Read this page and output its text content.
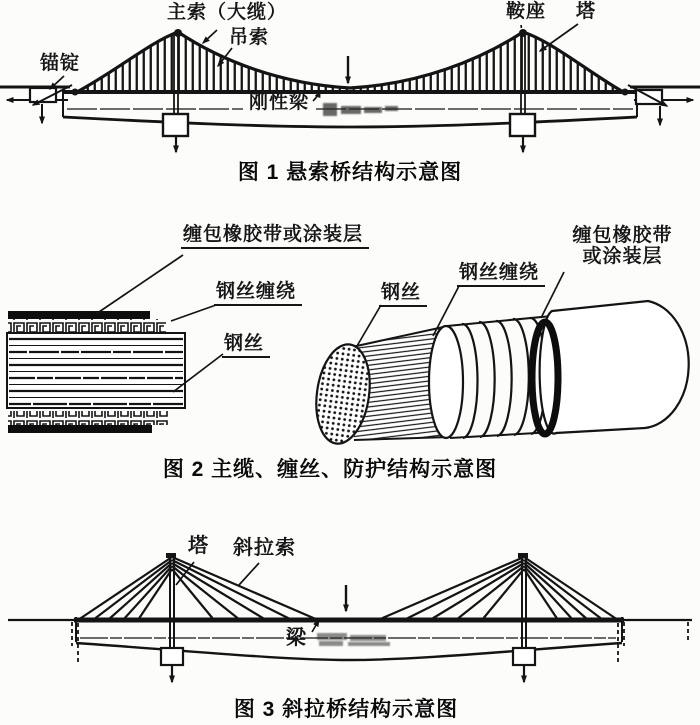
锚锭
主索（大缆）
吊索
鞍座 塔
刚性梁
图 1 悬索桥结构示意图
缠包橡胶带或涂装层
钢丝缠绕
钢丝
钢丝
钢丝缠绕
缠包橡胶带
或涂装层
图 2 主缆、缠丝、防护结构示意图
塔 斜拉索
梁
图 3 斜拉桥结构示意图
